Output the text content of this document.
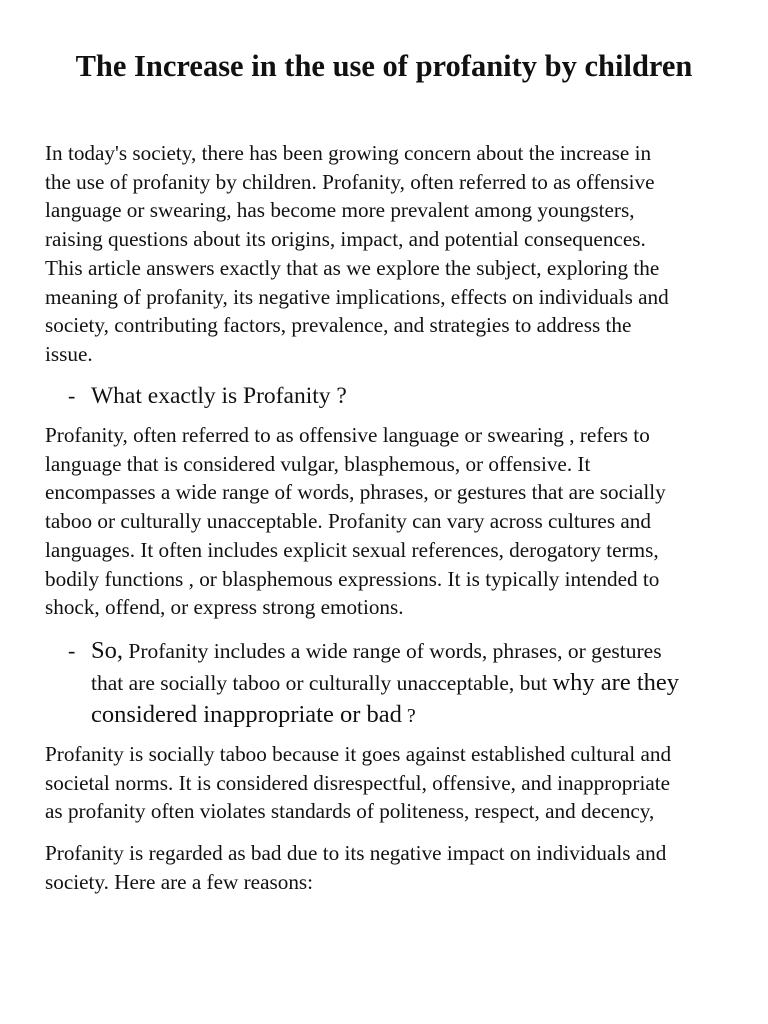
The Increase in the use of profanity by children

In today's society, there has been growing concern about the increase in
the use of profanity by children. Profanity, often referred to as offensive
language or swearing, has become more prevalent among youngsters,
raising questions about its origins, impact, and potential consequences.
This article answers exactly that as we explore the subject, exploring the
meaning of profanity, its negative implications, effects on individuals and
society, contributing factors, prevalence, and strategies to address the
issue.

- What exactly is Profanity ?

Profanity, often referred to as offensive language or swearing , refers to
language that is considered vulgar, blasphemous, or offensive. It
encompasses a wide range of words, phrases, or gestures that are socially
taboo or culturally unacceptable. Profanity can vary across cultures and
languages. It often includes explicit sexual references, derogatory terms,
bodily functions , or blasphemous expressions. It is typically intended to
shock, offend, or express strong emotions.

- So, Profanity includes a wide range of words, phrases, or gestures
that are socially taboo or culturally unacceptable, but why are they
considered inappropriate or bad ?

Profanity is socially taboo because it goes against established cultural and
societal norms. It is considered disrespectful, offensive, and inappropriate
as profanity often violates standards of politeness, respect, and decency,

Profanity is regarded as bad due to its negative impact on individuals and
society. Here are a few reasons:
